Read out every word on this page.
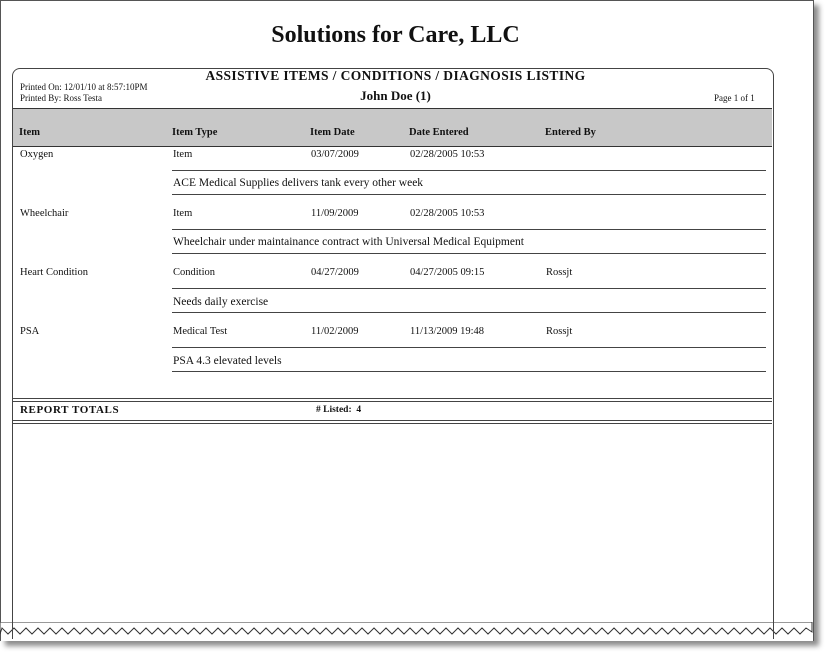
Solutions for Care, LLC
ASSISTIVE ITEMS / CONDITIONS / DIAGNOSIS LISTING
John Doe (1)
Printed On: 12/01/10 at 8:57:10PM
Printed By: Ross Testa	Page 1 of 1
Item	Item Type	Item Date	Date Entered	Entered By
Oxygen	Item	03/07/2009	02/28/2005 10:53
ACE Medical Supplies delivers tank every other week
Wheelchair	Item	11/09/2009	02/28/2005 10:53
Wheelchair under maintainance contract with Universal Medical Equipment
Heart Condition	Condition	04/27/2009	04/27/2005 09:15	Rossjt
Needs daily exercise
PSA	Medical Test	11/02/2009	11/13/2009 19:48	Rossjt
PSA 4.3 elevated levels
REPORT TOTALS	# Listed: 4
